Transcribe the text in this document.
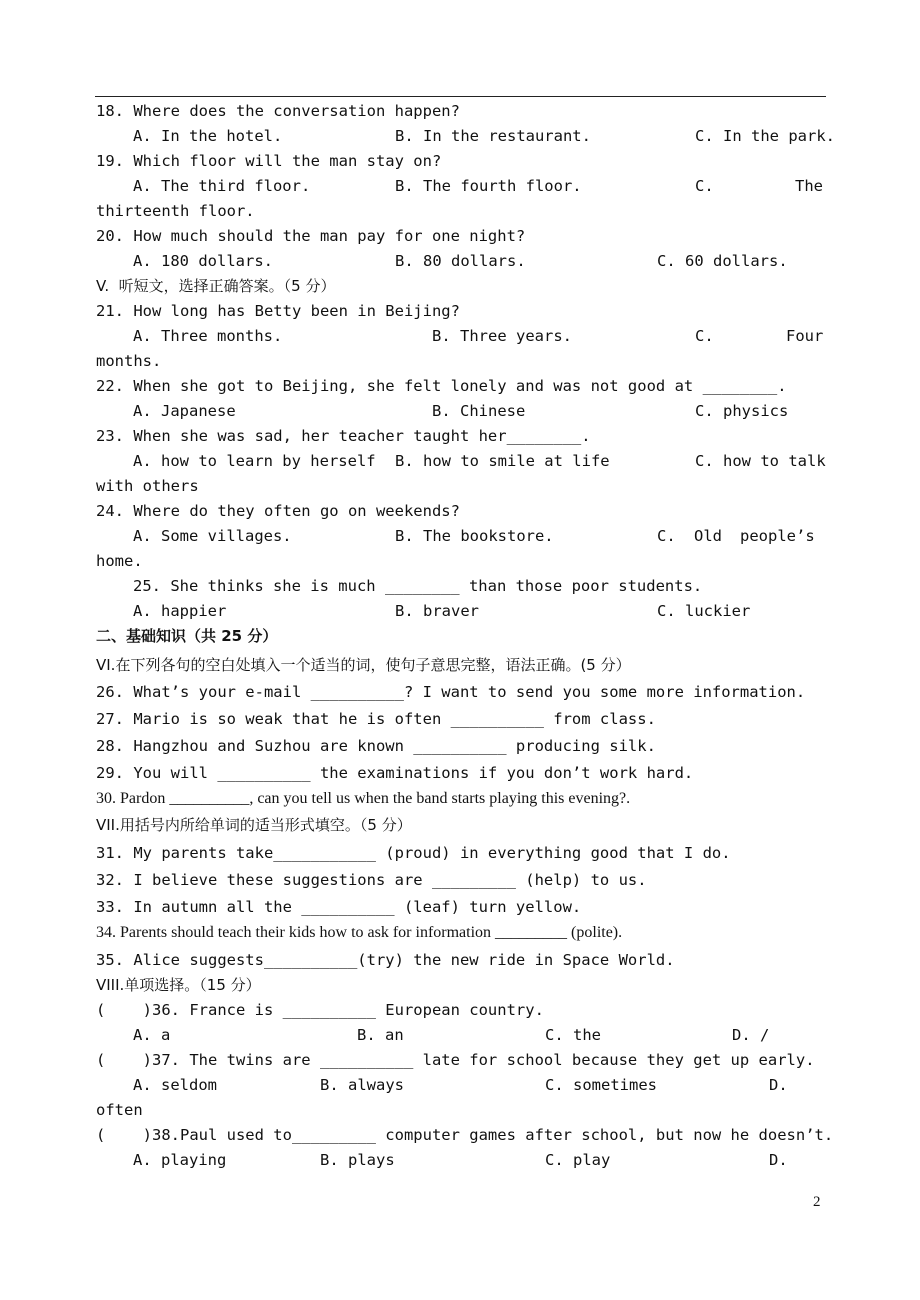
18. Where does the conversation happen?
A. In the hotel.	B. In the restaurant.	C. In the park.
19. Which floor will the man stay on?
A. The third floor.	B. The fourth floor.	C.	The
thirteenth floor.
20. How much should the man pay for one night?
A. 180 dollars.	B. 80 dollars.	C. 60 dollars.
V.  听短文，选择正确答案。（5 分）
21. How long has Betty been in Beijing?
A. Three months.	B. Three years.	C.	Four
months.
22. When she got to Beijing, she felt lonely and was not good at ________.
A. Japanese	B. Chinese	C. physics
23. When she was sad, her teacher taught her________.
A. how to learn by herself B. how to smile at life	C. how to talk
with others
24. Where do they often go on weekends?
A. Some villages.	B. The bookstore.	C. Old people’s
home.
25. She thinks she is much ________ than those poor students.
A. happier	B. braver	C. luckier
二、基础知识（共 25 分）
VI.在下列各句的空白处填入一个适当的词，使句子意思完整，语法正确。(5 分）
26. What’s your e-mail __________? I want to send you some more information.
27. Mario is so weak that he is often __________ from class.
28. Hangzhou and Suzhou are known __________ producing silk.
29. You will __________ the examinations if you don’t work hard.
30. Pardon __________, can you tell us when the band starts playing this evening?.
VII.用括号内所给单词的适当形式填空。（5 分）
31. My parents take___________ (proud) in everything good that I do.
32. I believe these suggestions are _________ (help) to us.
33. In autumn all the __________ (leaf) turn yellow.
34. Parents should teach their kids how to ask for information _________ (polite).
35. Alice suggests__________(try) the new ride in Space World.
VIII.单项选择。（15 分）
(    )36. France is __________ European country.
A. a	B. an	C. the	D. /
(    )37. The twins are __________ late for school because they get up early.
A. seldom	B. always	C. sometimes	D.
often
(    )38.Paul used to_________ computer games after school, but now he doesn’t.
A. playing	B. plays	C. play	D.
2
